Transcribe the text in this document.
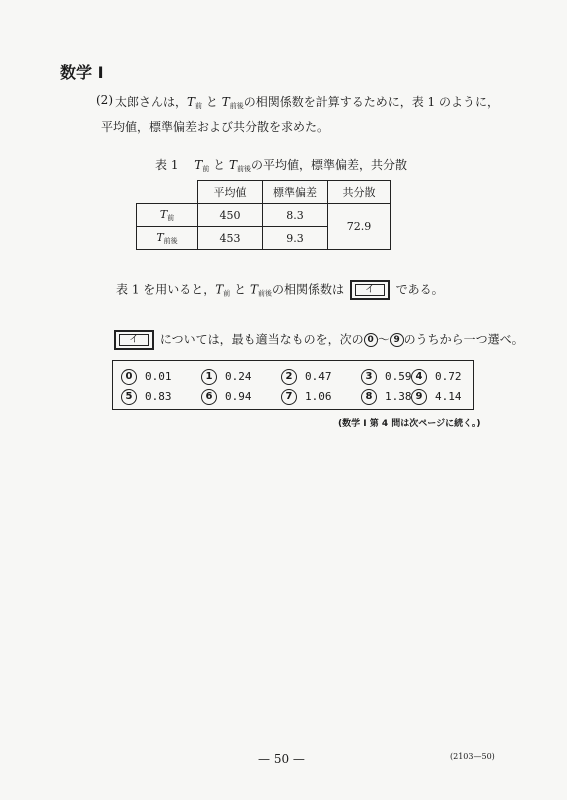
数学 I
(2) 太郎さんは，$T_前$ と $T_{前後}$の相関係数を計算するために，表 1 のように，
平均値，標準偏差および共分散を求めた。
表 1 $T_前$ と $T_{前後}$の平均値，標準偏差，共分散
	平均値	標準偏差	共分散
$T_前$	450	8.3	72.9
$T_{前後}$	453	9.3	
表 1 を用いると，$T_前$ と $T_{前後}$の相関係数は	イ	である。
イ	については，最も適当なものを，次の 0 ～ 9 のうちから一つ選べ。
0 0.01	1 0.24	2 0.47	3 0.59 4 0.72
5 0.83	6 0.94	7 1.06	8 1.38 9 4.14
(数学 I 第 4 問は次ページに続く。)
— 50 —	(2103—50)
